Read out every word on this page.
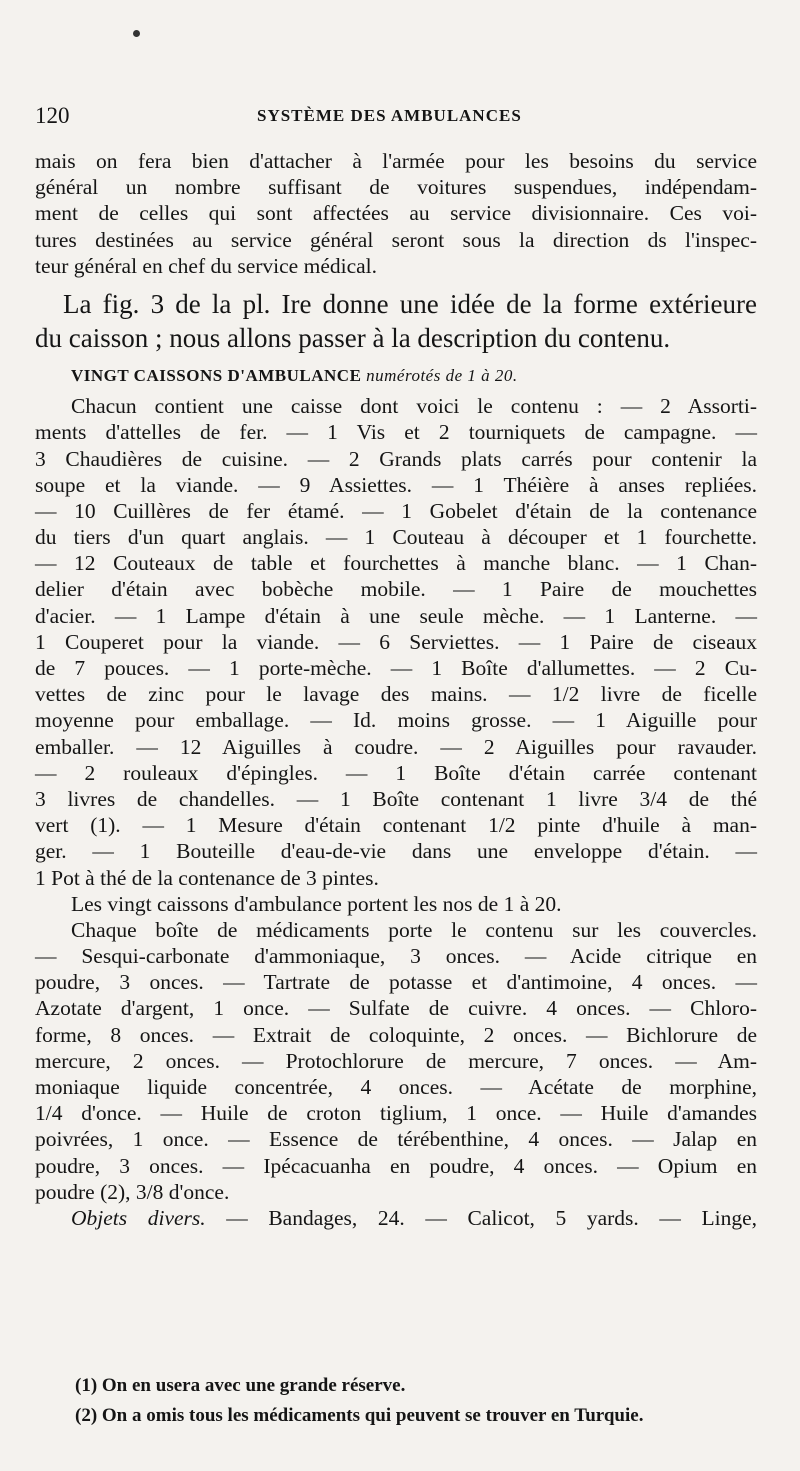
120	SYSTÈME DES AMBULANCES
mais on fera bien d'attacher à l'armée pour les besoins du service
général un nombre suffisant de voitures suspendues, indépendam-
ment de celles qui sont affectées au service divisionnaire. Ces voi-
tures destinées au service général seront sous la direction ds l'inspec-
teur général en chef du service médical.
La fig. 3 de la pl. Ire donne une idée de la forme extérieure
du caisson ; nous allons passer à la description du contenu.
VINGT CAISSONS D'AMBULANCE numérotés de 1 à 20.
Chacun contient une caisse dont voici le contenu : — 2 Assorti-
ments d'attelles de fer. — 1 Vis et 2 tourniquets de campagne. —
3 Chaudières de cuisine. — 2 Grands plats carrés pour contenir la
soupe et la viande. — 9 Assiettes. — 1 Théière à anses repliées.
— 10 Cuillères de fer étamé. — 1 Gobelet d'étain de la contenance
du tiers d'un quart anglais. — 1 Couteau à découper et 1 fourchette.
— 12 Couteaux de table et fourchettes à manche blanc. — 1 Chan-
delier d'étain avec bobèche mobile. — 1 Paire de mouchettes
d'acier. — 1 Lampe d'étain à une seule mèche. — 1 Lanterne. —
1 Couperet pour la viande. — 6 Serviettes. — 1 Paire de ciseaux
de 7 pouces. — 1 porte-mèche. — 1 Boîte d'allumettes. — 2 Cu-
vettes de zinc pour le lavage des mains. — 1/2 livre de ficelle
moyenne pour emballage. — Id. moins grosse. — 1 Aiguille pour
emballer. — 12 Aiguilles à coudre. — 2 Aiguilles pour ravauder.
— 2 rouleaux d'épingles. — 1 Boîte d'étain carrée contenant
3 livres de chandelles. — 1 Boîte contenant 1 livre 3/4 de thé
vert (1). — 1 Mesure d'étain contenant 1/2 pinte d'huile à man-
ger. — 1 Bouteille d'eau-de-vie dans une enveloppe d'étain. —
1 Pot à thé de la contenance de 3 pintes.
Les vingt caissons d'ambulance portent les nos de 1 à 20.
Chaque boîte de médicaments porte le contenu sur les couvercles.
— Sesqui-carbonate d'ammoniaque, 3 onces. — Acide citrique en
poudre, 3 onces. — Tartrate de potasse et d'antimoine, 4 onces. —
Azotate d'argent, 1 once. — Sulfate de cuivre. 4 onces. — Chloro-
forme, 8 onces. — Extrait de coloquinte, 2 onces. — Bichlorure de
mercure, 2 onces. — Protochlorure de mercure, 7 onces. — Am-
moniaque liquide concentrée, 4 onces. — Acétate de morphine,
1/4 d'once. — Huile de croton tiglium, 1 once. — Huile d'amandes
poivrées, 1 once. — Essence de térébenthine, 4 onces. — Jalap en
poudre, 3 onces. — Ipécacuanha en poudre, 4 onces. — Opium en
poudre (2), 3/8 d'once.
Objets divers. — Bandages, 24. — Calicot, 5 yards. — Linge,
(1) On en usera avec une grande réserve.
(2) On a omis tous les médicaments qui peuvent se trouver en Turquie.
